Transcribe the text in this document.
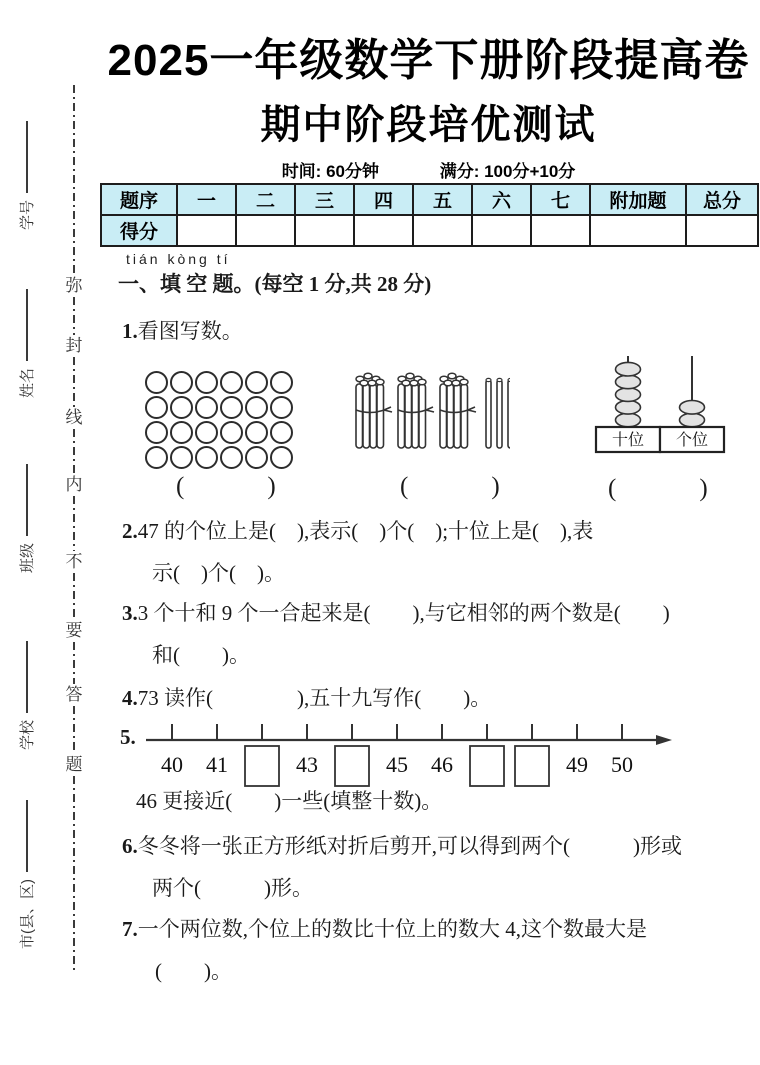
学号
姓名
班级
学校
市(县、区)
弥
封
线
内
不
要
答
题
2025一年级数学下册阶段提高卷
期中阶段培优测试
时间: 60分钟	满分: 100分+10分
题序	一	二	三	四	五	六	七	附加题	总分
得分									
tián kòng tí
一、填 空 题。(每空 1 分,共 28 分)
1.看图写数。
十位 个位
(　　　)	(　　　)	(　　　)
2.47 的个位上是(　),表示(　)个(　);十位上是(　),表
示(　)个(　)。
3.3 个十和 9 个一合起来是(　　),与它相邻的两个数是(　　)
和(　　)。
4.73 读作(　　　　),五十九写作(　　)。
5.
40 41	43	45 46	49 50
46 更接近(　　)一些(填整十数)。
6.冬冬将一张正方形纸对折后剪开,可以得到两个(　　　)形或
两个(　　　)形。
7.一个两位数,个位上的数比十位上的数大 4,这个数最大是
(　　)。
